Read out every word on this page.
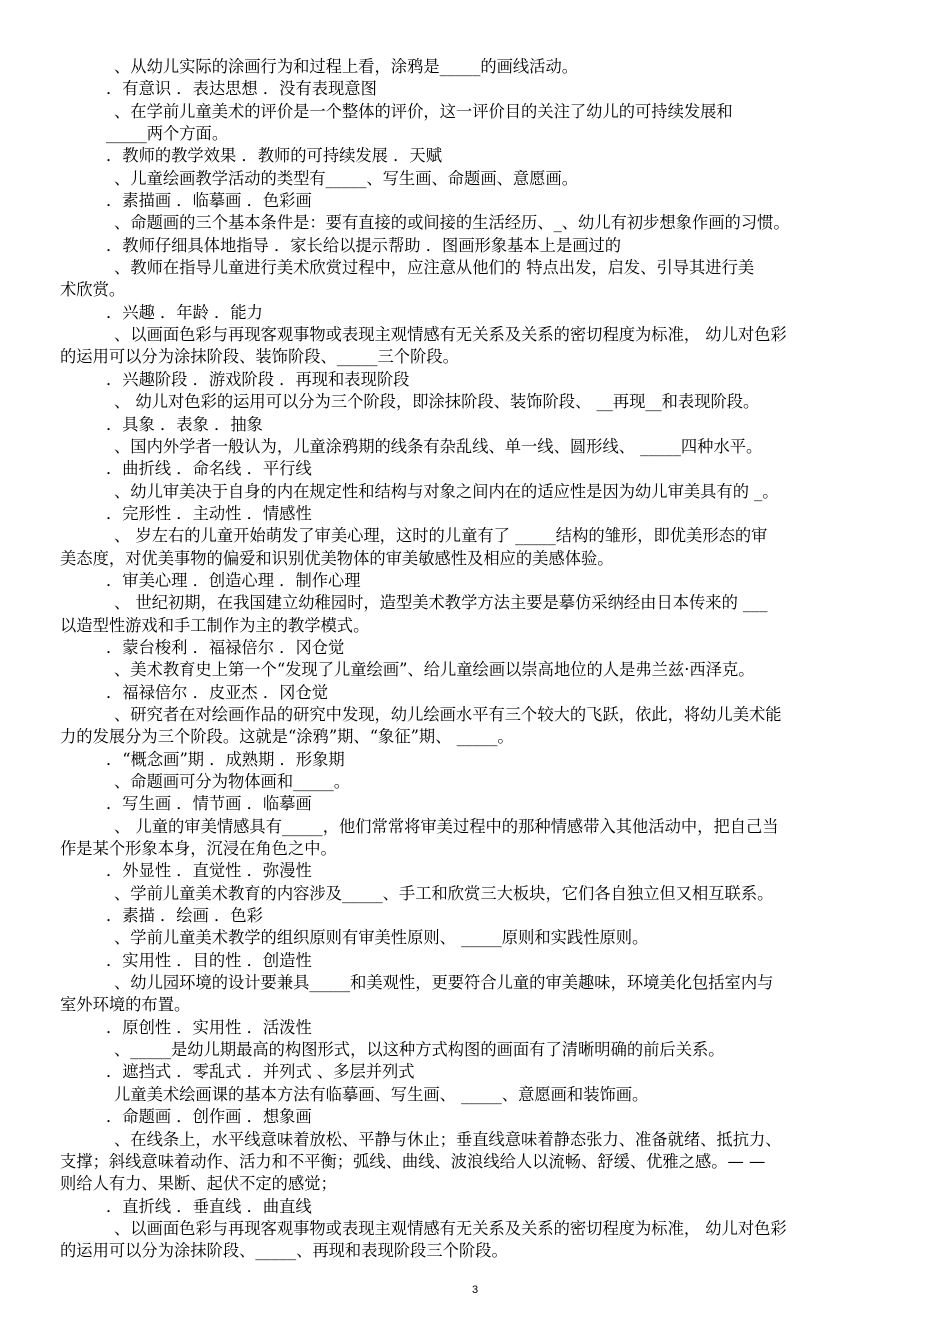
、从幼儿实际的涂画行为和过程上看，涂鸦是_____的画线活动。
．有意识 ．表达思想 ．没有表现意图
、在学前儿童美术的评价是一个整体的评价，这一评价目的关注了幼儿的可持续发展和
_____两个方面。
．教师的教学效果 ．教师的可持续发展 ．天赋
、儿童绘画教学活动的类型有_____、写生画、命题画、意愿画。
．素描画 ．临摹画 ．色彩画
、命题画的三个基本条件是：要有直接的或间接的生活经历、_、幼儿有初步想象作画的习惯。
．教师仔细具体地指导 ．家长给以提示帮助 ．图画形象基本上是画过的
、教师在指导儿童进行美术欣赏过程中，应注意从他们的 特点出发，启发、引导其进行美
术欣赏。
．兴趣 ．年龄 ．能力
、以画面色彩与再现客观事物或表现主观情感有无关系及关系的密切程度为标准， 幼儿对色彩
的运用可以分为涂抹阶段、装饰阶段、_____三个阶段。
．兴趣阶段 ．游戏阶段 ．再现和表现阶段
、 幼儿对色彩的运用可以分为三个阶段，即涂抹阶段、装饰阶段、 __再现__和表现阶段。
．具象 ．表象 ．抽象
、国内外学者一般认为，儿童涂鸦期的线条有杂乱线、单一线、圆形线、 _____四种水平。
．曲折线 ．命名线 ．平行线
、幼儿审美决于自身的内在规定性和结构与对象之间内在的适应性是因为幼儿审美具有的 _。
．完形性 ．主动性 ．情感性
、 岁左右的儿童开始萌发了审美心理，这时的儿童有了 _____结构的雏形，即优美形态的审
美态度，对优美事物的偏爱和识别优美物体的审美敏感性及相应的美感体验。
．审美心理 ．创造心理 ．制作心理
、 世纪初期，在我国建立幼稚园时，造型美术教学方法主要是摹仿采纳经由日本传来的 ___
以造型性游戏和手工制作为主的教学模式。
．蒙台梭利 ．福禄倍尔 ．冈仓觉
、美术教育史上第一个“发现了儿童绘画”、给儿童绘画以崇高地位的人是弗兰兹·西泽克。
．福禄倍尔 ．皮亚杰 ．冈仓觉
、研究者在对绘画作品的研究中发现，幼儿绘画水平有三个较大的飞跃，依此，将幼儿美术能
力的发展分为三个阶段。这就是“涂鸦”期、“象征”期、 _____。
．“概念画”期 ．成熟期 ．形象期
、命题画可分为物体画和_____。
．写生画 ．情节画 ．临摹画
、 儿童的审美情感具有_____，他们常常将审美过程中的那种情感带入其他活动中，把自己当
作是某个形象本身，沉浸在角色之中。
．外显性 ．直觉性 ．弥漫性
、学前儿童美术教育的内容涉及_____、手工和欣赏三大板块，它们各自独立但又相互联系。
．素描 ．绘画 ．色彩
、学前儿童美术教学的组织原则有审美性原则、 _____原则和实践性原则。
．实用性 ．目的性 ．创造性
、幼儿园环境的设计要兼具_____和美观性，更要符合儿童的审美趣味，环境美化包括室内与
室外环境的布置。
．原创性 ．实用性 ．活泼性
、_____是幼儿期最高的构图形式，以这种方式构图的画面有了清晰明确的前后关系。
．遮挡式 ．零乱式 ．并列式 、多层并列式
儿童美术绘画课的基本方法有临摹画、写生画、 _____、意愿画和装饰画。
．命题画 ．创作画 ．想象画
、在线条上，水平线意味着放松、平静与休止；垂直线意味着静态张力、准备就绪、抵抗力、
支撑；斜线意味着动作、活力和不平衡；弧线、曲线、波浪线给人以流畅、舒缓、优雅之感。— —
则给人有力、果断、起伏不定的感觉；
．直折线 ．垂直线 ．曲直线
、以画面色彩与再现客观事物或表现主观情感有无关系及关系的密切程度为标准， 幼儿对色彩
的运用可以分为涂抹阶段、_____、再现和表现阶段三个阶段。
3
